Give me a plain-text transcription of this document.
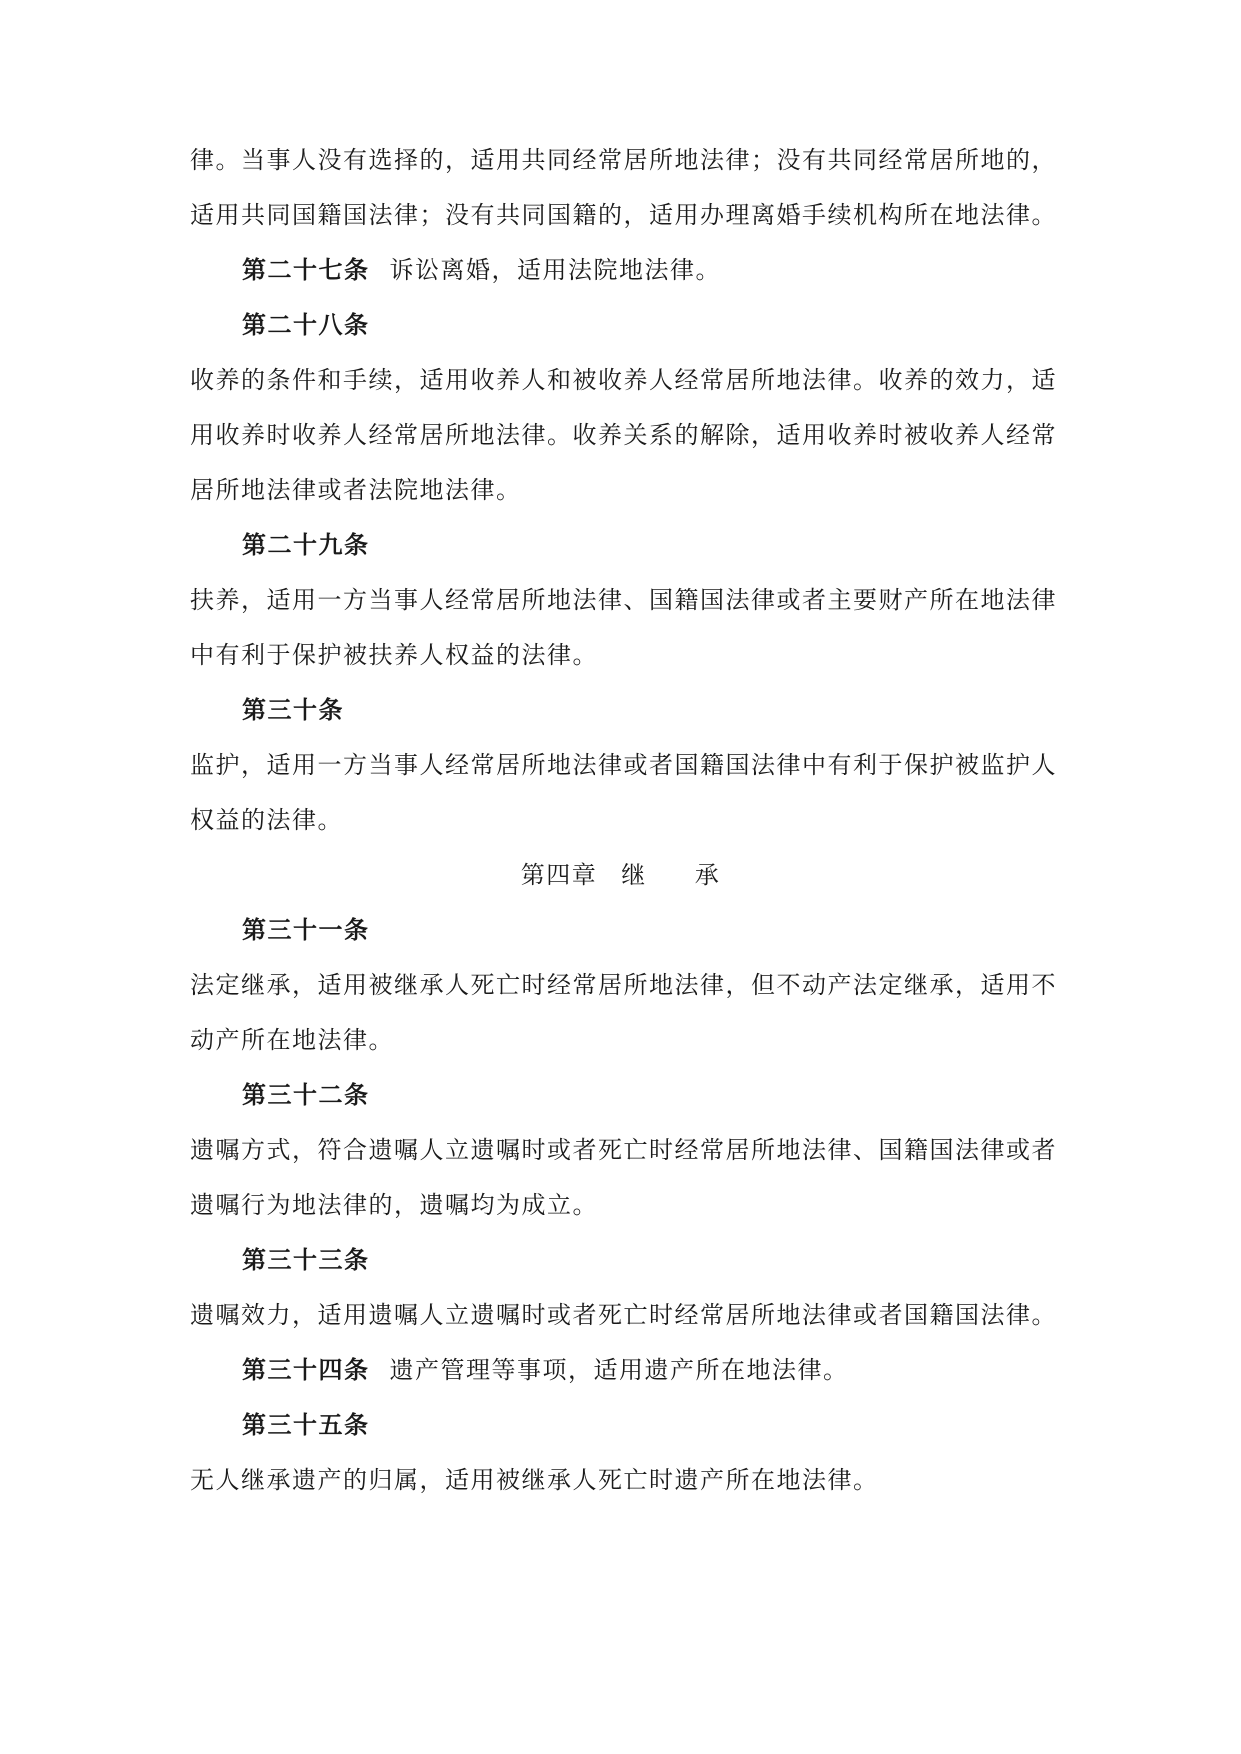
律。当事人没有选择的，适用共同经常居所地法律；没有共同经常居所地的，
适用共同国籍国法律；没有共同国籍的，适用办理离婚手续机构所在地法律。
第二十七条 诉讼离婚，适用法院地法律。
第二十八条
收养的条件和手续，适用收养人和被收养人经常居所地法律。收养的效力，适
用收养时收养人经常居所地法律。收养关系的解除，适用收养时被收养人经常
居所地法律或者法院地法律。
第二十九条
扶养，适用一方当事人经常居所地法律、国籍国法律或者主要财产所在地法律
中有利于保护被扶养人权益的法律。
第三十条
监护，适用一方当事人经常居所地法律或者国籍国法律中有利于保护被监护人
权益的法律。
第四章 继 承
第三十一条
法定继承，适用被继承人死亡时经常居所地法律，但不动产法定继承，适用不
动产所在地法律。
第三十二条
遗嘱方式，符合遗嘱人立遗嘱时或者死亡时经常居所地法律、国籍国法律或者
遗嘱行为地法律的，遗嘱均为成立。
第三十三条
遗嘱效力，适用遗嘱人立遗嘱时或者死亡时经常居所地法律或者国籍国法律。
第三十四条 遗产管理等事项，适用遗产所在地法律。
第三十五条
无人继承遗产的归属，适用被继承人死亡时遗产所在地法律。
